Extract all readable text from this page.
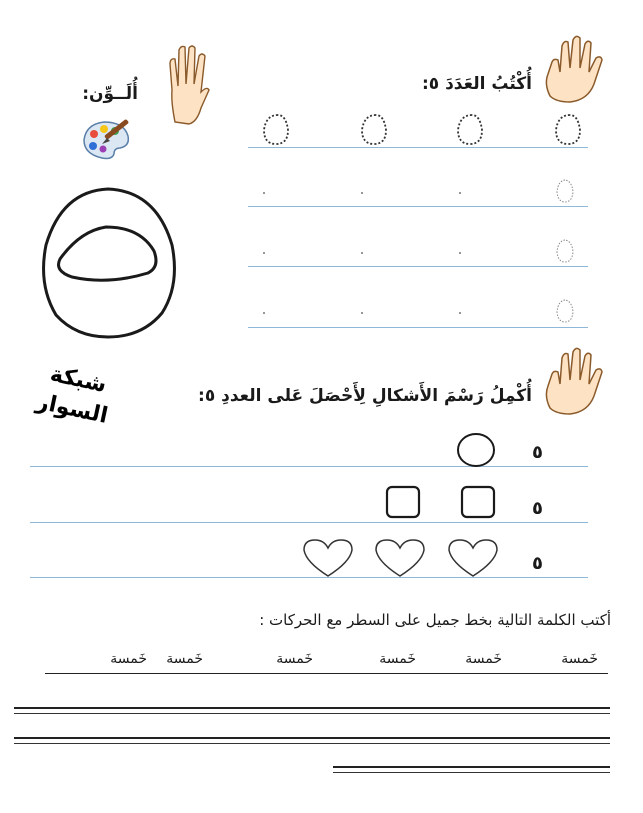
أُكْتُبُ العَدَدَ ٥:
أُلَــوِّن:
شبكة
السوار	أُكْمِلُ رَسْمَ الأَشكالِ لِأَحْصَلَ عَلى العددِ ٥:
٥
٥
٥
أكتب الكلمة التالية بخط جميل على السطر مع الحركات :
خَمسة
خَمسة
خَمسة
خَمسة
خَمسة
خَمسة
